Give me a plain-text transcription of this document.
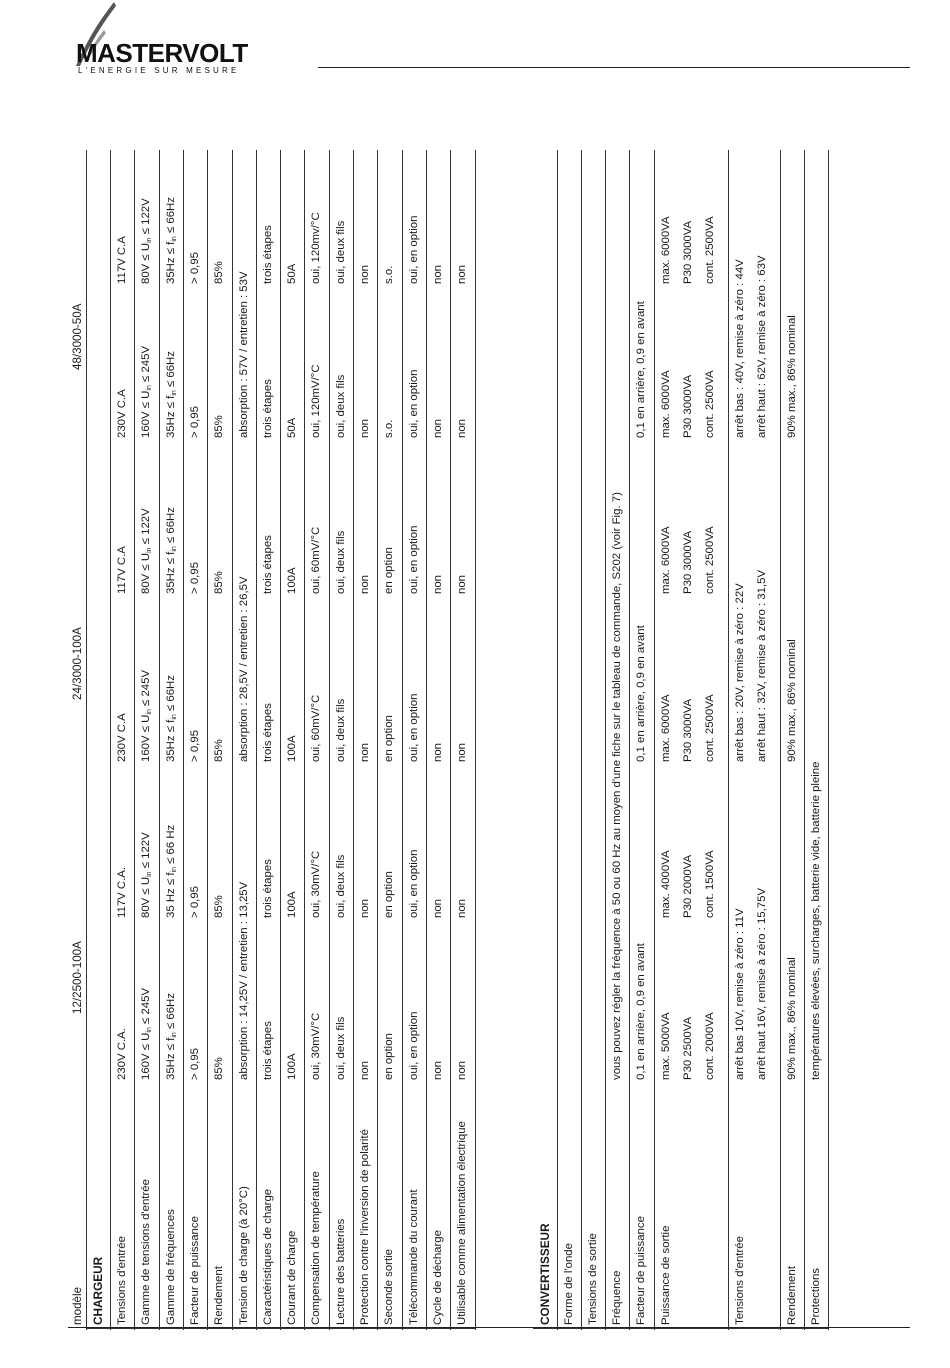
MASTERVOLT
L'ENERGIE SUR MESURE
modèle
12/2500-100A
24/3000-100A
48/3000-50A
CHARGEUR Tensions d'entrée
230V C.A.
117V C.A.
230V C.A
117V C.A
230V C.A
117V C.A
Gamme de tensions d'entrée
$160V \le U_{in} \le 245V$
$80V \le U_{in} \le 122V$
$160V \le U_{in} \le 245V$
$80V \le U_{in} \le 122V$
$160V \le U_{in} \le 245V$
$80V \le U_{in} \le 122V$
Gamme de fréquences
$35Hz \le f_{in} \le 66Hz$
35 $Hz \le f_{in} \le 66$ Hz
$35Hz \le f_{in} \le 66Hz$
$35Hz \le f_{in} \le 66Hz$
$35Hz \le f_{in} \le 66Hz$
$35Hz \le f_{in} \le 66Hz$
Facteur de puissance
> 0,95
> 0,95
> 0,95
> 0,95
> 0,95
> 0,95
Rendement
85%
85%
85%
85%
85%
85%
Tension de charge (à 20°C)
absorption : 14,25V / entretien : 13,25V
absorption : 28,5V / entretien : 26,5V
absorption : 57V / entretien : 53V
Caractéristiques de charge
trois étapes
trois étapes
trois étapes
trois étapes
trois étapes
trois étapes
Courant de charge
100A
100A
100A
100A
50A
50A
Compensation de température
oui, 30mV/°C
oui, 30mV/°C
oui, 60mV/°C
oui, 60mV/°C
oui, 120mV/°C
oui, 120mv/°C
Lecture des batteries
oui, deux fils
oui, deux fils
oui, deux fils
oui, deux fils
oui, deux fils
oui, deux fils
Protection contre l'inversion de polarité
non
non
non
non
non
non
Seconde sortie
en option
en option
en option
en option
s.o.
s.o.
Télécommande du courant
oui, en option
oui, en option
oui, en option
oui, en option
oui, en option
oui, en option
Cycle de décharge
non
non
non
non
non
non
Utilisable comme alimentation électrique
non
non
non
non
non
non
CONVERTISSEUR Forme de l'onde Tensions de sortie Fréquence
vous pouvez régler la fréquence à 50 ou 60 Hz au moyen d'une fiche sur le tableau de commande, S202 (voir Fig. 7)
Facteur de puissance
0,1 en arrière, 0,9 en avant
0,1 en arrière, 0,9 en avant
0,1 en arrière, 0,9 en avant
Puissance de sortie
max. 5000VA P30 2500VA cont. 2000VA
max. 4000VA P30 2000VA cont. 1500VA
max. 6000VA P30 3000VA cont. 2500VA
max. 6000VA P30 3000VA cont. 2500VA
max. 6000VA P30 3000VA cont. 2500VA
max. 6000VA P30 3000VA cont. 2500VA
Tensions d'entrée
arrêt bas 10V, remise à zéro : 11V arrêt haut 16V, remise à zéro : 15,75V
arrêt bas : 20V, remise à zéro : 22V arrêt haut : 32V, remise à zéro : 31,5V
arrêt bas : 40V, remise à zéro : 44V arrêt haut : 62V, remise à zéro : 63V
Rendement
90% max., 86% nominal
90% max., 86% nominal
90% max., 86% nominal
Protections
températures élevées, surcharges, batterie vide, batterie pleine
